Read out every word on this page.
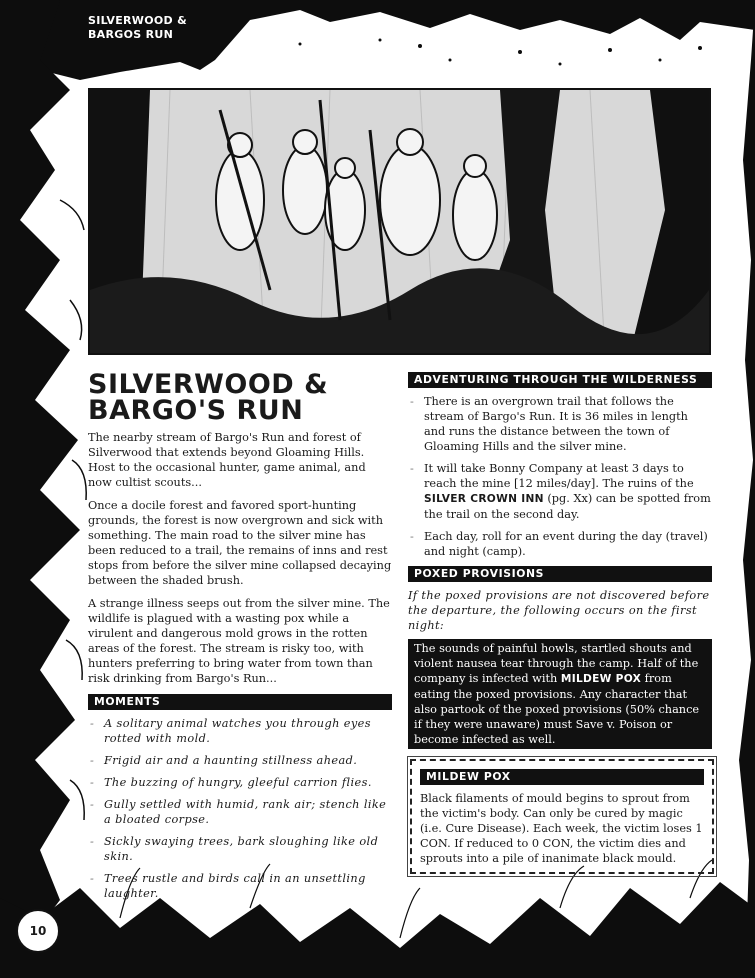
SILVERWOOD & BARGOS RUN
SILVERWOOD & BARGO'S RUN

The nearby stream of Bargo's Run and forest of Silverwood that extends beyond Gloaming Hills. Host to the occasional hunter, game animal, and now cultist scouts...

Once a docile forest and favored sport-hunting grounds, the forest is now overgrown and sick with something. The main road to the silver mine has been reduced to a trail, the remains of inns and rest stops from before the silver mine collapsed decaying between the shaded brush.

A strange illness seeps out from the silver mine. The wildlife is plagued with a wasting pox while a virulent and dangerous mold grows in the rotten areas of the forest. The stream is risky too, with hunters preferring to bring water from town than risk drinking from Bargo's Run...

MOMENTS
- A solitary animal watches you through eyes rotted with mold.
- Frigid air and a haunting stillness ahead.
- The buzzing of hungry, gleeful carrion flies.
- Gully settled with humid, rank air; stench like a bloated corpse.
- Sickly swaying trees, bark sloughing like old skin.
- Trees rustle and birds call in an unsettling laughter.
ADVENTURING THROUGH THE WILDERNESS
- There is an overgrown trail that follows the stream of Bargo's Run. It is 36 miles in length and runs the distance between the town of Gloaming Hills and the silver mine.
- It will take Bonny Company at least 3 days to reach the mine [12 miles/day]. The ruins of the SILVER CROWN INN (pg. Xx) can be spotted from the trail on the second day.
- Each day, roll for an event during the day (travel) and night (camp).
POXED PROVISIONS

If the poxed provisions are not discovered before the departure, the following occurs on the first night:

The sounds of painful howls, startled shouts and violent nausea tear through the camp. Half of the company is infected with MILDEW POX from eating the poxed provisions. Any character that also partook of the poxed provisions (50% chance if they were unaware) must Save v. Poison or become infected as well.
MILDEW POX

Black filaments of mould begins to sprout from the victim's body. Can only be cured by magic (i.e. Cure Disease). Each week, the victim loses 1 CON. If reduced to 0 CON, the victim dies and sprouts into a pile of inanimate black mould.

10
